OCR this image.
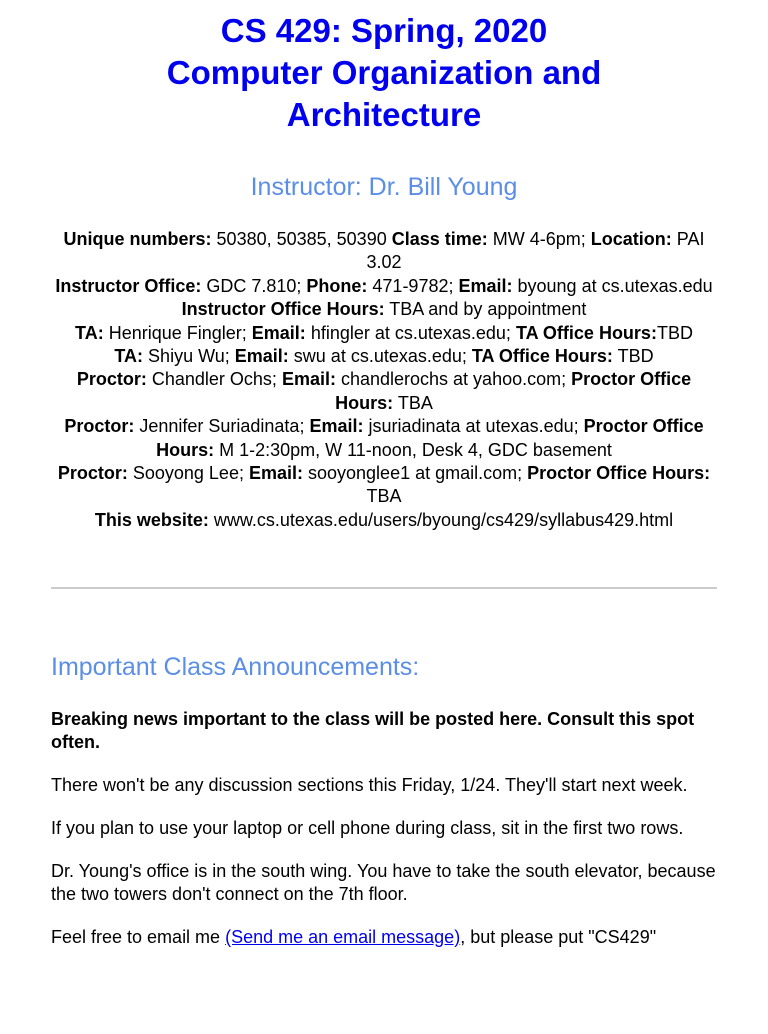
CS 429: Spring, 2020
Computer Organization and
Architecture
Instructor: Dr. Bill Young
Unique numbers: 50380, 50385, 50390 Class time: MW 4-6pm; Location: PAI 3.02
Instructor Office: GDC 7.810; Phone: 471-9782; Email: byoung at cs.utexas.edu
Instructor Office Hours: TBA and by appointment
TA: Henrique Fingler; Email: hfingler at cs.utexas.edu; TA Office Hours:TBD
TA: Shiyu Wu; Email: swu at cs.utexas.edu; TA Office Hours: TBD
Proctor: Chandler Ochs; Email: chandlerochs at yahoo.com; Proctor Office Hours: TBA
Proctor: Jennifer Suriadinata; Email: jsuriadinata at utexas.edu; Proctor Office Hours: M 1-2:30pm, W 11-noon, Desk 4, GDC basement
Proctor: Sooyong Lee; Email: sooyonglee1 at gmail.com; Proctor Office Hours: TBA
This website: www.cs.utexas.edu/users/byoung/cs429/syllabus429.html
Important Class Announcements:

Breaking news important to the class will be posted here. Consult this spot often.

There won't be any discussion sections this Friday, 1/24. They'll start next week.

If you plan to use your laptop or cell phone during class, sit in the first two rows.

Dr. Young's office is in the south wing. You have to take the south elevator, because the two towers don't connect on the 7th floor.

Feel free to email me (Send me an email message), but please put "CS429"
